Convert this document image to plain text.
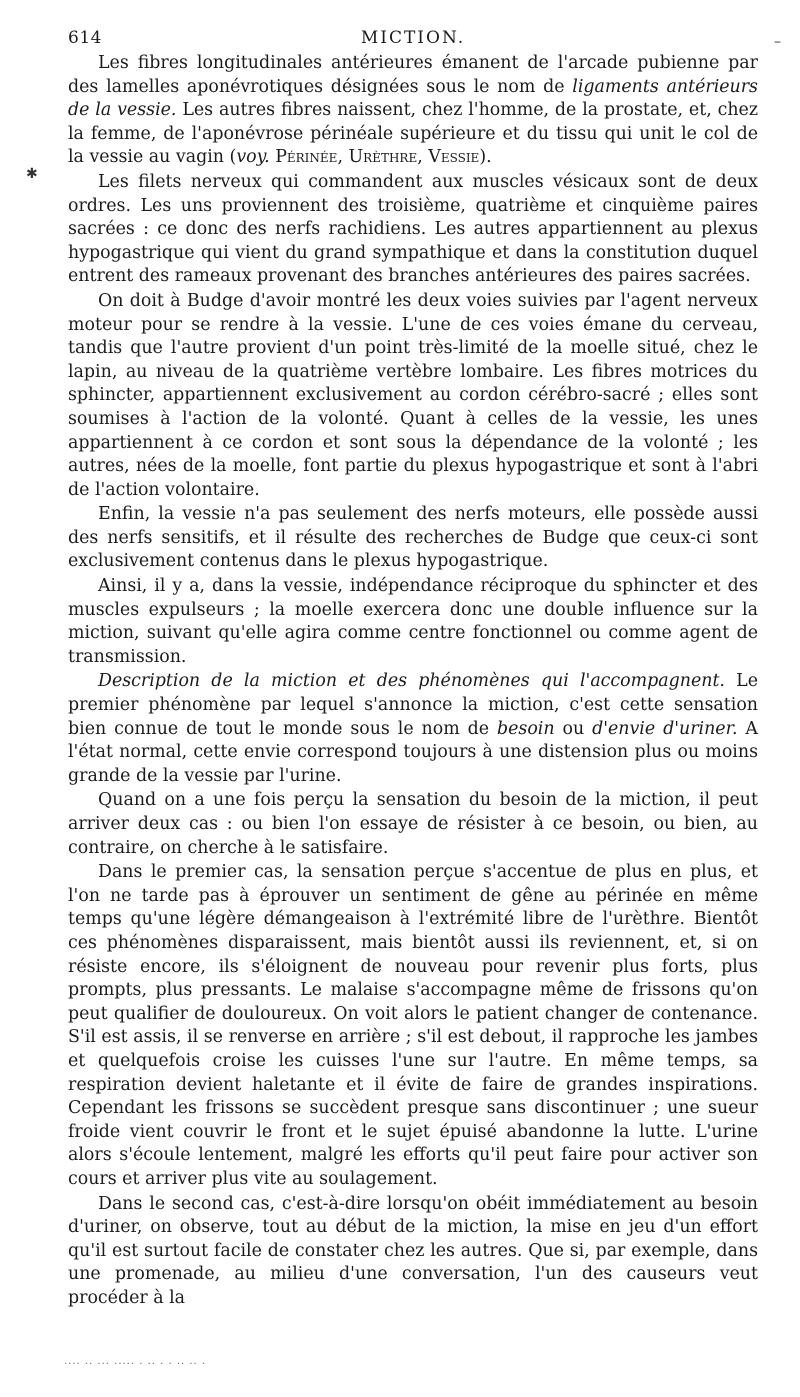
614	MICTION.

Les fibres longitudinales antérieures émanent de l'arcade pubienne par des lamelles aponévrotiques désignées sous le nom de ligaments antérieurs de la vessie. Les autres fibres naissent, chez l'homme, de la prostate, et, chez la femme, de l'aponévrose périnéale supérieure et du tissu qui unit le col de la vessie au vagin (voy. Périnée, Urèthre, Vessie).

Les filets nerveux qui commandent aux muscles vésicaux sont de deux ordres. Les uns proviennent des troisième, quatrième et cinquième paires sacrées : ce donc des nerfs rachidiens. Les autres appartiennent au plexus hypogastrique qui vient du grand sympathique et dans la constitution duquel entrent des rameaux provenant des branches antérieures des paires sacrées.

On doit à Budge d'avoir montré les deux voies suivies par l'agent nerveux moteur pour se rendre à la vessie. L'une de ces voies émane du cerveau, tandis que l'autre provient d'un point très-limité de la moelle situé, chez le lapin, au niveau de la quatrième vertèbre lombaire. Les fibres motrices du sphincter, appartiennent exclusivement au cordon cérébro-sacré ; elles sont soumises à l'action de la volonté. Quant à celles de la vessie, les unes appartiennent à ce cordon et sont sous la dépendance de la volonté ; les autres, nées de la moelle, font partie du plexus hypogastrique et sont à l'abri de l'action volontaire.

Enfin, la vessie n'a pas seulement des nerfs moteurs, elle possède aussi des nerfs sensitifs, et il résulte des recherches de Budge que ceux-ci sont exclusivement contenus dans le plexus hypogastrique.

Ainsi, il y a, dans la vessie, indépendance réciproque du sphincter et des muscles expulseurs ; la moelle exercera donc une double influence sur la miction, suivant qu'elle agira comme centre fonctionnel ou comme agent de transmission.

Description de la miction et des phénomènes qui l'accompagnent. Le premier phénomène par lequel s'annonce la miction, c'est cette sensation bien connue de tout le monde sous le nom de besoin ou d'envie d'uriner. A l'état normal, cette envie correspond toujours à une distension plus ou moins grande de la vessie par l'urine.

Quand on a une fois perçu la sensation du besoin de la miction, il peut arriver deux cas : ou bien l'on essaye de résister à ce besoin, ou bien, au contraire, on cherche à le satisfaire.

Dans le premier cas, la sensation perçue s'accentue de plus en plus, et l'on ne tarde pas à éprouver un sentiment de gêne au périnée en même temps qu'une légère démangeaison à l'extrémité libre de l'urèthre. Bientôt ces phénomènes disparaissent, mais bientôt aussi ils reviennent, et, si on résiste encore, ils s'éloignent de nouveau pour revenir plus forts, plus prompts, plus pressants. Le malaise s'accompagne même de frissons qu'on peut qualifier de douloureux. On voit alors le patient changer de contenance. S'il est assis, il se renverse en arrière ; s'il est debout, il rapproche les jambes et quelquefois croise les cuisses l'une sur l'autre. En même temps, sa respiration devient haletante et il évite de faire de grandes inspirations. Cependant les frissons se succèdent presque sans discontinuer ; une sueur froide vient couvrir le front et le sujet épuisé abandonne la lutte. L'urine alors s'écoule lentement, malgré les efforts qu'il peut faire pour activer son cours et arriver plus vite au soulagement.

Dans le second cas, c'est-à-dire lorsqu'on obéit immédiatement au besoin d'uriner, on observe, tout au début de la miction, la mise en jeu d'un effort qu'il est surtout facile de constater chez les autres. Que si, par exemple, dans une promenade, au milieu d'une conversation, l'un des causeurs veut procéder à la

✱
–
.... .. ... ..... . .. . . .. .. .
